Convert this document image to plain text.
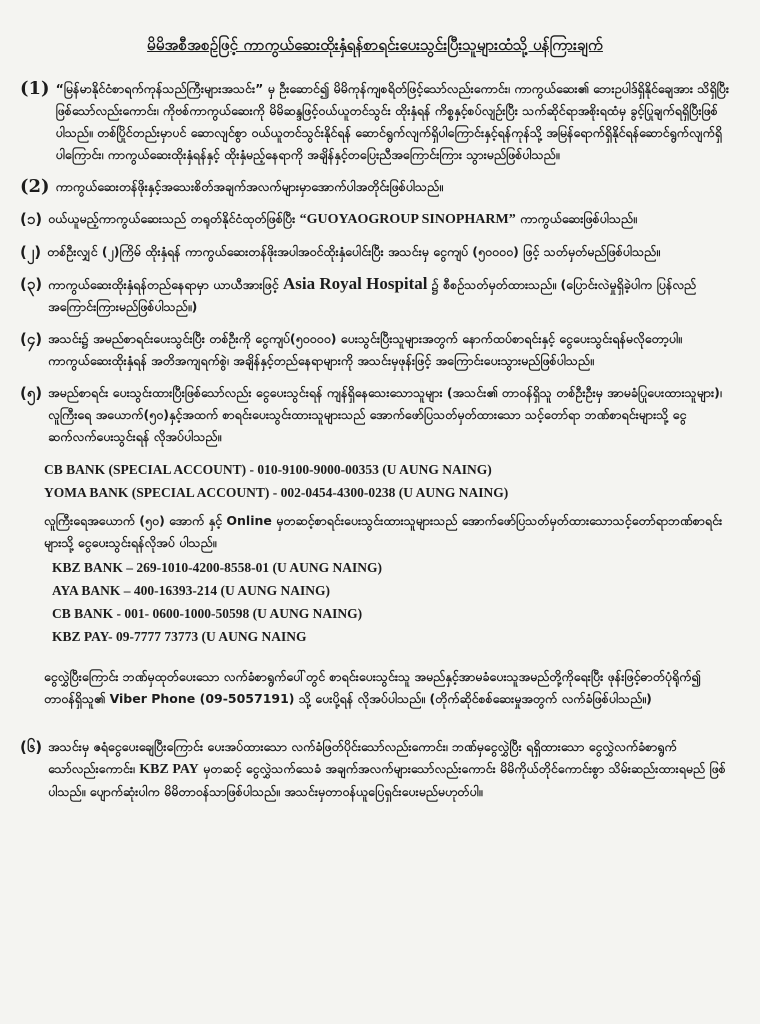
မိမိအစီအစဉ်ဖြင့် ကာကွယ်ဆေးထိုးနှံရန်စာရင်းပေးသွင်းပြီးသူများထံသို့ ပန်ကြားချက်
(1) “မြန်မာနိုင်ငံစာရက်ကုန်သည်ကြီးများအသင်း” မှ ဦးဆောင်၍ မိမိကုန်ကျစရိတ်ဖြင့်သော်လည်းကောင်း၊ ကာကွယ်ဆေး၏ ဘေးဥပါဒ်ရှိနိုင်ချေအား သိရှိပြီးဖြစ်သော်လည်းကောင်း၊ ကိုဗစ်ကာကွယ်ဆေးကို မိမိဆန္ဒဖြင့်ဝယ်ယူတင်သွင်း ထိုးနှံရန် ကိစ္စနှင့်စပ်လျဉ်းပြီး သက်ဆိုင်ရာအစိုးရထံမှ ခွင့်ပြုချက်ရရှိပြီးဖြစ်ပါသည်။ တစ်ပြိုင်တည်းမှာပင် ဆောလျင်စွာ ဝယ်ယူတင်သွင်းနိုင်ရန် ဆောင်ရွက်လျက်ရှိပါကြောင်းနှင့်ရန်ကုန်သို့ အမြန်ရောက်ရှိနိုင်ရန်ဆောင်ရွက်လျက်ရှိပါကြောင်း၊ ကာကွယ်ဆေးထိုးနှံရန်နှင့် ထိုးနှံမည့်နေရာကို အချိန်နှင့်တပြေးညီအကြောင်းကြား သွားမည်ဖြစ်ပါသည်။
(2) ကာကွယ်ဆေးတန်ဖိုးနှင့်အသေးစိတ်အချက်အလက်များမှာအောက်ပါအတိုင်းဖြစ်ပါသည်။
(၁) ဝယ်ယူမည့်ကာကွယ်ဆေးသည် တရုတ်နိုင်ငံထုတ်ဖြစ်ပြီး “GUOYAOGROUP SINOPHARM” ကာကွယ်ဆေးဖြစ်ပါသည်။
(၂) တစ်ဦးလျှင် (၂)ကြိမ် ထိုးနှံရန် ကာကွယ်ဆေးတန်ဖိုးအပါအဝင်ထိုးနှံပေါင်းပြီး အသင်းမှ ငွေကျပ် (၅၀၀၀၀) ဖြင့် သတ်မှတ်မည်ဖြစ်ပါသည်။
(၃) ကာကွယ်ဆေးထိုးနှံရန်တည်နေရာမှာ ယာယီအားဖြင့် Asia Royal Hospital ၌ စီစဉ်သတ်မှတ်ထားသည်။ (ပြောင်းလဲမှုရှိခဲ့ပါက ပြန်လည်အကြောင်းကြားမည်ဖြစ်ပါသည်။)
(၄) အသင်း၌ အမည်စာရင်းပေးသွင်းပြီး တစ်ဦးကို ငွေကျပ်(၅၀၀၀၀) ပေးသွင်းပြီးသူများအတွက် နောက်ထပ်စာရင်းနှင့် ငွေပေးသွင်းရန်မလိုတော့ပါ။ ကာကွယ်ဆေးထိုးနှံရန် အတိအကျရက်စွဲ၊ အချိန်နှင့်တည်နေရာများကို အသင်းမှဖုန်းဖြင့် အကြောင်းပေးသွားမည်ဖြစ်ပါသည်။
(၅) အမည်စာရင်း ပေးသွင်းထားပြီးဖြစ်သော်လည်း ငွေပေးသွင်းရန် ကျန်ရှိနေသေးသောသူများ (အသင်း၏ တာဝန်ရှိသူ တစ်ဦးဦးမှ အာမခံပြုပေးထားသူများ)၊ လူကြီးရေ အယောက်(၅၀)နှင့်အထက် စာရင်းပေးသွင်းထားသူများသည် အောက်ဖော်ပြသတ်မှတ်ထားသော သင့်တော်ရာ ဘဏ်စာရင်းများသို့ ငွေဆက်လက်ပေးသွင်းရန် လိုအပ်ပါသည်။
CB BANK (SPECIAL ACCOUNT) - 010-9100-9000-00353 (U AUNG NAING)
YOMA BANK (SPECIAL ACCOUNT) - 002-0454-4300-0238 (U AUNG NAING)
လူကြီးရေအယောက် (၅၀) အောက် နှင့် Online မှတဆင့်စာရင်းပေးသွင်းထားသူများသည် အောက်ဖော်ပြသတ်မှတ်ထားသောသင့်တော်ရာဘဏ်စာရင်းများသို့ ငွေပေးသွင်းရန်လိုအပ် ပါသည်။
KBZ BANK – 269-1010-4200-8558-01 (U AUNG NAING)
AYA BANK – 400-16393-214 (U AUNG NAING)
CB BANK - 001- 0600-1000-50598 (U AUNG NAING)
KBZ PAY- 09-7777 73773 (U AUNG NAING
ငွေလွှဲပြီးကြောင်း ဘဏ်မှထုတ်ပေးသော လက်ခံစာရွက်ပေါ်တွင် စာရင်းပေးသွင်းသူ အမည်နှင့်အာမခံပေးသူအမည်တို့ကိုရေးပြီး ဖုန်းဖြင့်ဓာတ်ပုံရိုက်၍ တာဝန်ရှိသူ၏ Viber Phone (09-5057191) သို့ ပေးပို့ရန် လိုအပ်ပါသည်။ (တိုက်ဆိုင်စစ်ဆေးမှုအတွက် လက်ခံဖြစ်ပါသည်။)
(၆) အသင်းမှ ဇရံငွေပေးချေပြီးကြောင်း ပေးအပ်ထားသော လက်ခံဖြတ်ပိုင်းသော်လည်းကောင်း၊ ဘဏ်မှငွေလွှဲပြီး ရရှိထားသော ငွေလွှဲလက်ခံစာရွက်သော်လည်းကောင်း၊ KBZ PAY မှတဆင့် ငွေလွှဲသက်သေခံ အချက်အလက်များသော်လည်းကောင်း မိမိကိုယ်တိုင်ကောင်းစွာ သိမ်းဆည်းထားရမည် ဖြစ်ပါသည်။ ပျောက်ဆုံးပါက မိမိတာဝန်သာဖြစ်ပါသည်။ အသင်းမှတာဝန်ယူပြေရှင်းပေးမည်မဟုတ်ပါ။
